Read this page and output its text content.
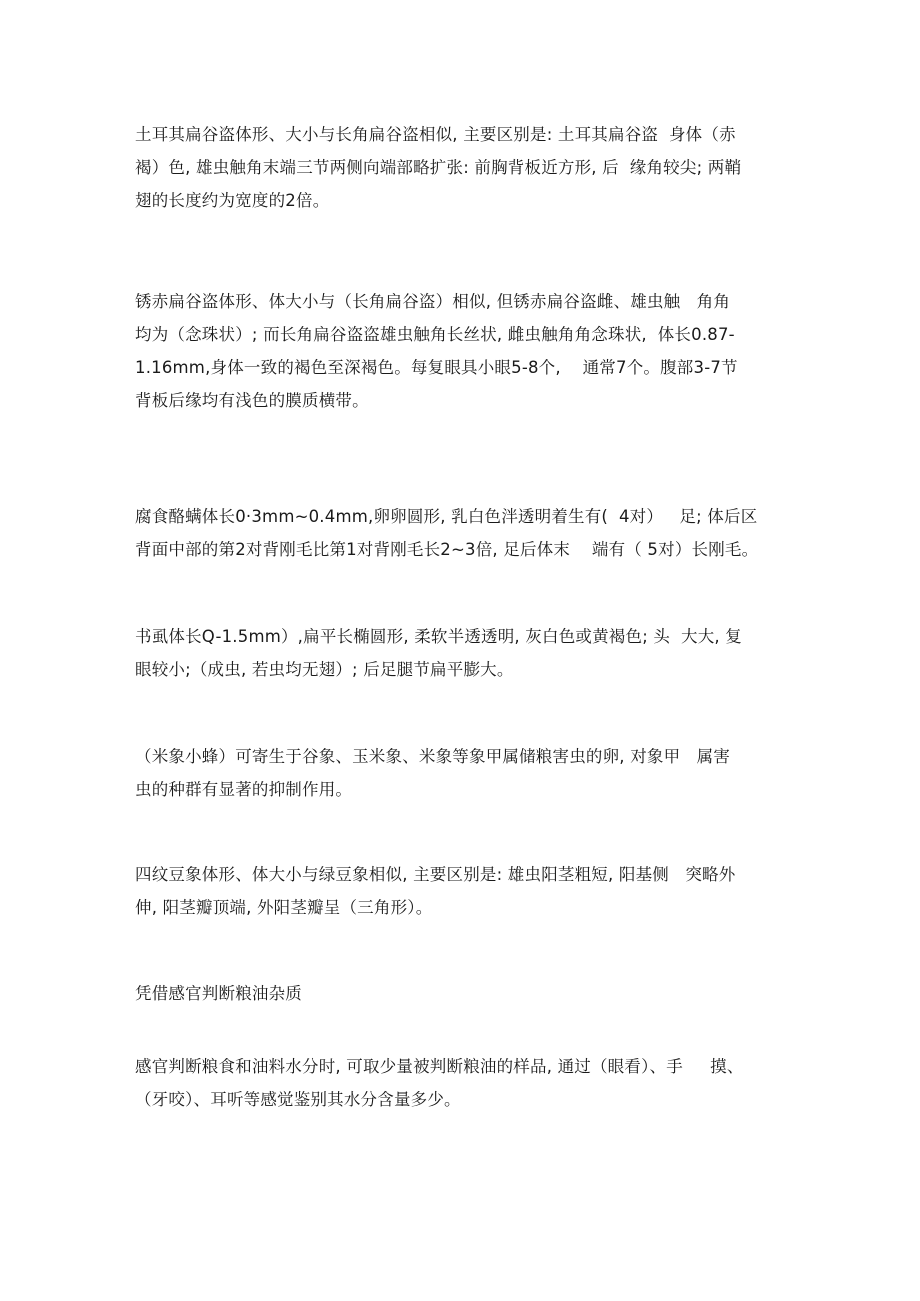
土耳其扁谷盗体形、大小与长角扁谷盗相似, 主要区别是: 土耳其扁谷盗  身体（赤
褐）色, 雄虫触角末端三节两侧向端部略扩张: 前胸背板近方形, 后  缘角较尖; 两鞘
翅的长度约为宽度的2倍。

锈赤扁谷盗体形、体大小与（长角扁谷盗）相似, 但锈赤扁谷盗雌、雄虫触   角角
均为（念珠状）; 而长角扁谷盗盗雄虫触角长丝状, 雌虫触角角念珠状,  体长0.87-
1.16mm,身体一致的褐色至深褐色。每复眼具小眼5-8个,    通常7个。腹部3-7节
背板后缘均有浅色的膜质横带。

腐食酪螨体长0·3mm~0.4mm,卵卵圆形, 乳白色泮透明着生有(  4对）   足; 体后区
背面中部的第2对背刚毛比第1对背刚毛长2~3倍, 足后体末    端有（ 5对）长刚毛。

书虱体长Q-1.5mm）,扁平长椭圆形, 柔软半透透明, 灰白色或黄褐色; 头  大大, 复
眼较小;（成虫, 若虫均无翅）; 后足腿节扁平膨大。

（米象小蜂）可寄生于谷象、玉米象、米象等象甲属储粮害虫的卵, 对象甲   属害
虫的种群有显著的抑制作用。

四纹豆象体形、体大小与绿豆象相似, 主要区别是: 雄虫阳茎粗短, 阳基侧   突略外
伸, 阳茎瓣顶端, 外阳茎瓣呈（三角形）。

凭借感官判断粮油杂质

感官判断粮食和油料水分时, 可取少量被判断粮油的样品, 通过（眼看）、手     摸、
（牙咬）、耳听等感觉鉴别其水分含量多少。
